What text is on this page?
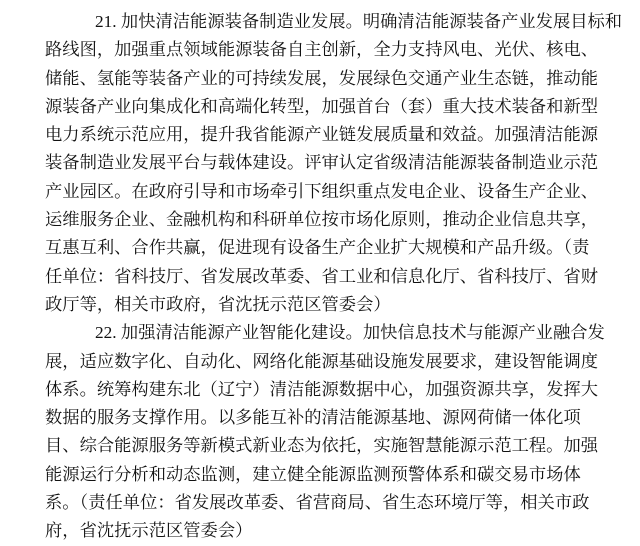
21. 加快清洁能源装备制造业发展。明确清洁能源装备产业发展目标和
路线图，加强重点领域能源装备自主创新，全力支持风电、光伏、核电、
储能、氢能等装备产业的可持续发展，发展绿色交通产业生态链，推动能
源装备产业向集成化和高端化转型，加强首台（套）重大技术装备和新型
电力系统示范应用，提升我省能源产业链发展质量和效益。加强清洁能源
装备制造业发展平台与载体建设。评审认定省级清洁能源装备制造业示范
产业园区。在政府引导和市场牵引下组织重点发电企业、设备生产企业、
运维服务企业、金融机构和科研单位按市场化原则，推动企业信息共享，
互惠互利、合作共赢，促进现有设备生产企业扩大规模和产品升级。（责
任单位：省科技厅、省发展改革委、省工业和信息化厅、省科技厅、省财
政厅等，相关市政府，省沈抚示范区管委会）
22. 加强清洁能源产业智能化建设。加快信息技术与能源产业融合发
展，适应数字化、自动化、网络化能源基础设施发展要求，建设智能调度
体系。统筹构建东北（辽宁）清洁能源数据中心，加强资源共享，发挥大
数据的服务支撑作用。以多能互补的清洁能源基地、源网荷储一体化项
目、综合能源服务等新模式新业态为依托，实施智慧能源示范工程。加强
能源运行分析和动态监测，建立健全能源监测预警体系和碳交易市场体
系。（责任单位：省发展改革委、省营商局、省生态环境厅等，相关市政
府，省沈抚示范区管委会）
